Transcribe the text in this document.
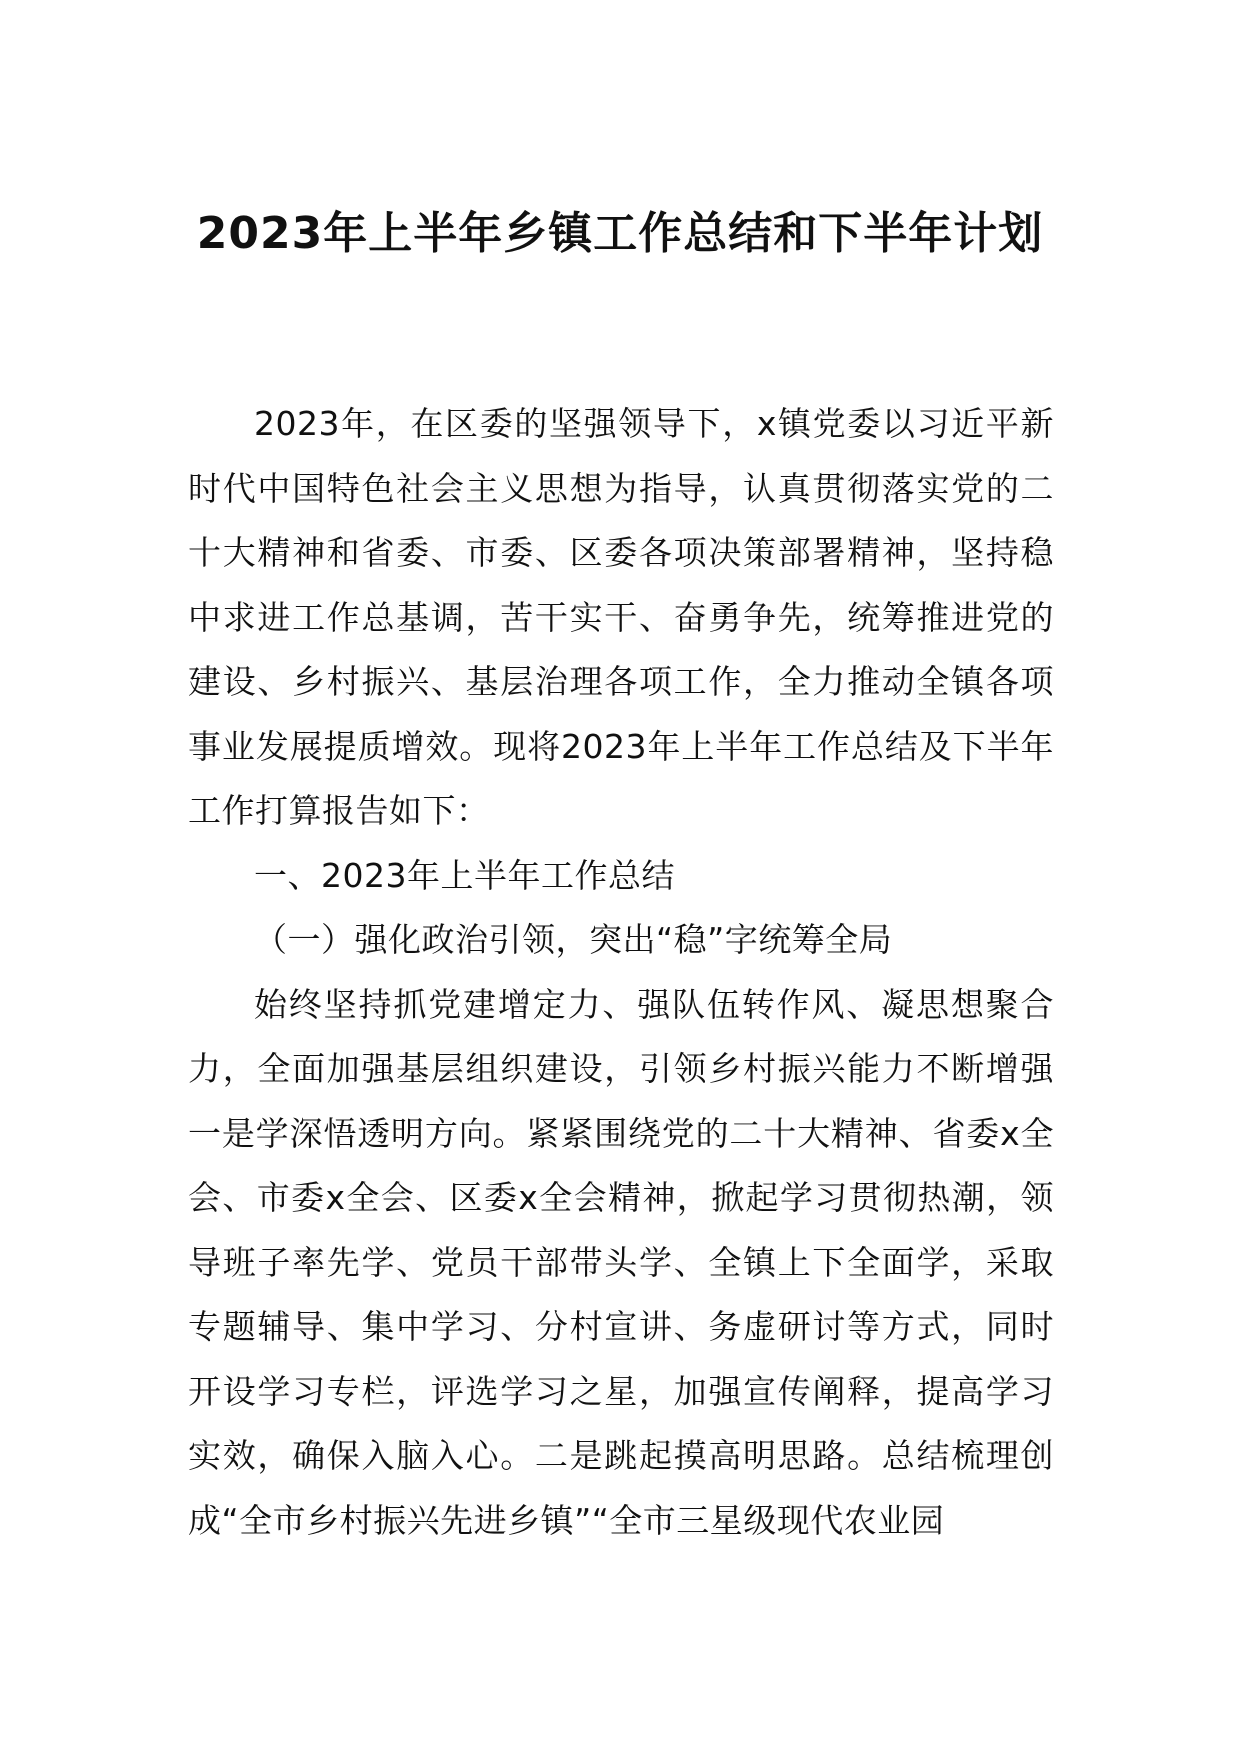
2023年上半年乡镇工作总结和下半年计划

2023年，在区委的坚强领导下，x镇党委以习近平新时代中国特色社会主义思想为指导，认真贯彻落实党的二十大精神和省委、市委、区委各项决策部署精神，坚持稳中求进工作总基调，苦干实干、奋勇争先，统筹推进党的建设、乡村振兴、基层治理各项工作，全力推动全镇各项事业发展提质增效。现将2023年上半年工作总结及下半年工作打算报告如下：

一、2023年上半年工作总结

（一）强化政治引领，突出“稳”字统筹全局

始终坚持抓党建增定力、强队伍转作风、凝思想聚合力，全面加强基层组织建设，引领乡村振兴能力不断增强一是学深悟透明方向。紧紧围绕党的二十大精神、省委x全会、市委x全会、区委x全会精神，掀起学习贯彻热潮，领导班子率先学、党员干部带头学、全镇上下全面学，采取专题辅导、集中学习、分村宣讲、务虚研讨等方式，同时开设学习专栏，评选学习之星，加强宣传阐释，提高学习实效，确保入脑入心。二是跳起摸高明思路。总结梳理创成“全市乡村振兴先进乡镇”“全市三星级现代农业园
